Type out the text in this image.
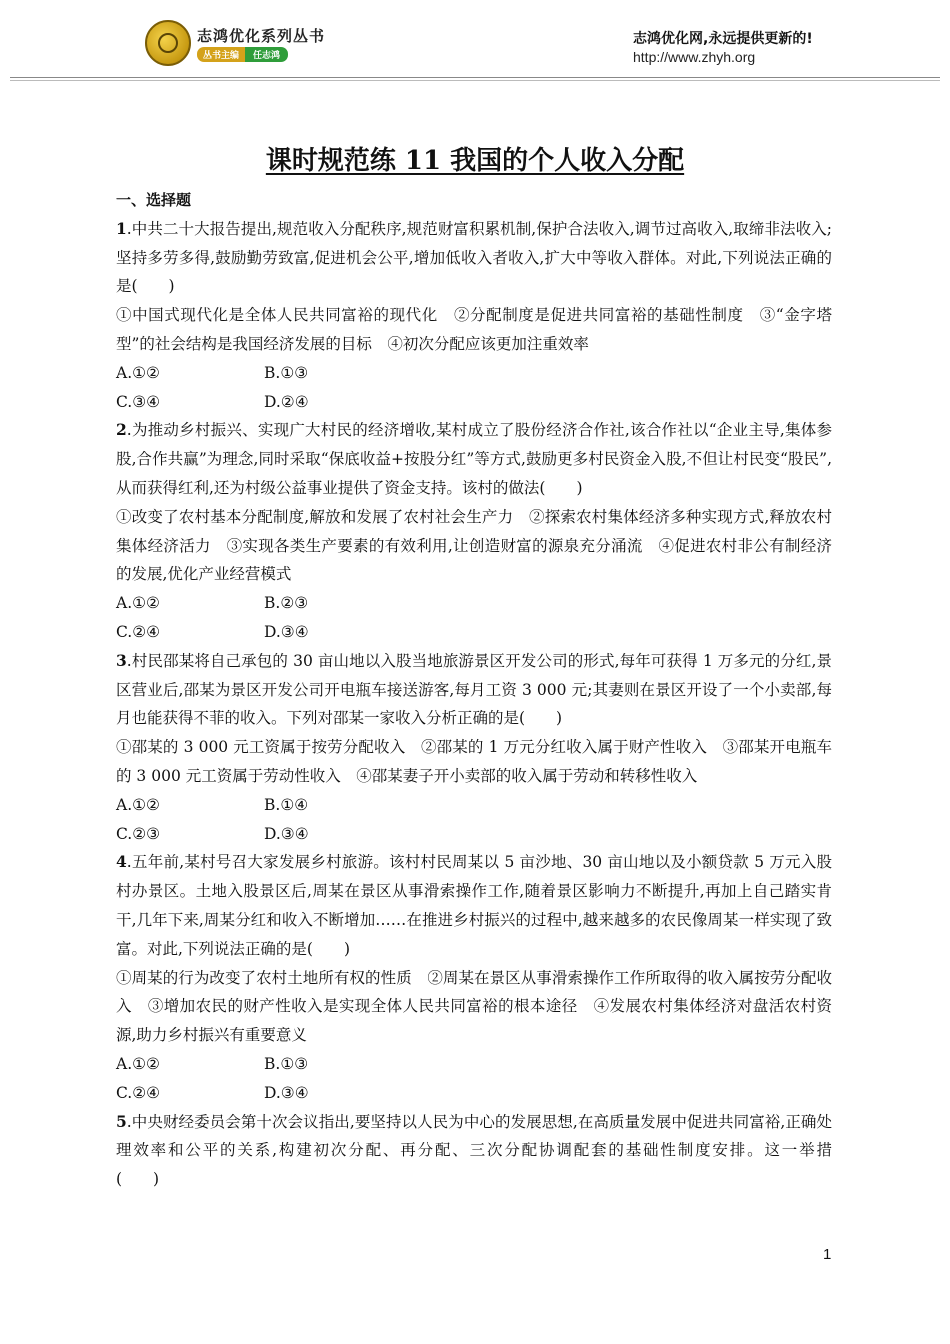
志鸿优化系列丛书
丛书主编	任志鸿
志鸿优化网,永远提供更新的!
http://www.zhyh.org
课时规范练 11 我国的个人收入分配
一、选择题
1.中共二十大报告提出,规范收入分配秩序,规范财富积累机制,保护合法收入,调节过高收入,取缔非法收入;坚持多劳多得,鼓励勤劳致富,促进机会公平,增加低收入者收入,扩大中等收入群体。对此,下列说法正确的是(　　)
①中国式现代化是全体人民共同富裕的现代化　②分配制度是促进共同富裕的基础性制度　③“金字塔型”的社会结构是我国经济发展的目标　④初次分配应该更加注重效率
A.①②	B.①③
C.③④	D.②④
2.为推动乡村振兴、实现广大村民的经济增收,某村成立了股份经济合作社,该合作社以“企业主导,集体参股,合作共赢”为理念,同时采取“保底收益+按股分红”等方式,鼓励更多村民资金入股,不但让村民变“股民”,从而获得红利,还为村级公益事业提供了资金支持。该村的做法(　　)
①改变了农村基本分配制度,解放和发展了农村社会生产力　②探索农村集体经济多种实现方式,释放农村集体经济活力　③实现各类生产要素的有效利用,让创造财富的源泉充分涌流　④促进农村非公有制经济的发展,优化产业经营模式
A.①②	B.②③
C.②④	D.③④
3.村民邵某将自己承包的 30 亩山地以入股当地旅游景区开发公司的形式,每年可获得 1 万多元的分红,景区营业后,邵某为景区开发公司开电瓶车接送游客,每月工资 3 000 元;其妻则在景区开设了一个小卖部,每月也能获得不菲的收入。下列对邵某一家收入分析正确的是(　　)
①邵某的 3 000 元工资属于按劳分配收入　②邵某的 1 万元分红收入属于财产性收入　③邵某开电瓶车的 3 000 元工资属于劳动性收入　④邵某妻子开小卖部的收入属于劳动和转移性收入
A.①②	B.①④
C.②③	D.③④
4.五年前,某村号召大家发展乡村旅游。该村村民周某以 5 亩沙地、30 亩山地以及小额贷款 5 万元入股村办景区。土地入股景区后,周某在景区从事滑索操作工作,随着景区影响力不断提升,再加上自己踏实肯干,几年下来,周某分红和收入不断增加……在推进乡村振兴的过程中,越来越多的农民像周某一样实现了致富。对此,下列说法正确的是(　　)
①周某的行为改变了农村土地所有权的性质　②周某在景区从事滑索操作工作所取得的收入属按劳分配收入　③增加农民的财产性收入是实现全体人民共同富裕的根本途径　④发展农村集体经济对盘活农村资源,助力乡村振兴有重要意义
A.①②	B.①③
C.②④	D.③④
5.中央财经委员会第十次会议指出,要坚持以人民为中心的发展思想,在高质量发展中促进共同富裕,正确处理效率和公平的关系,构建初次分配、再分配、三次分配协调配套的基础性制度安排。这一举措　　　　　(　　)
1
